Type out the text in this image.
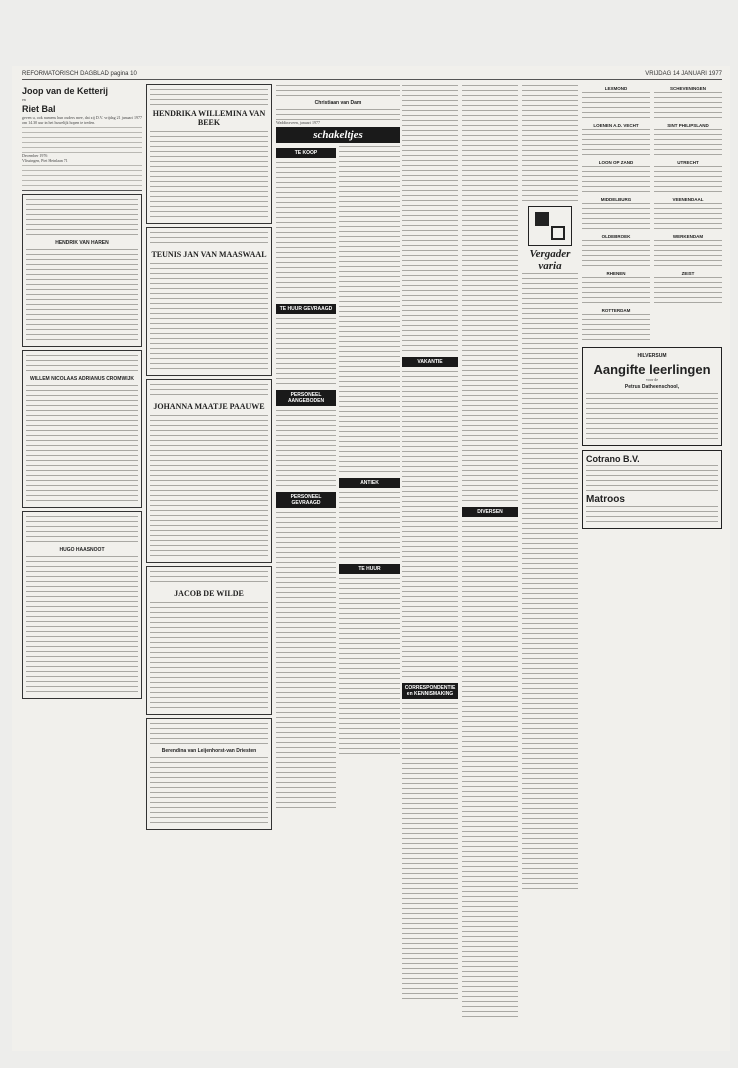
REFORMATORISCH DAGBLAD pagina 10	VRIJDAG 14 JANUARI 1977
Joop van de Ketterij
en
Riet Bal
geven u, ook namens hun ouders mee, dat zij D.V. vrijdag 21 januari 1977 om 14.30 uur in het huwelijk hopen te treden.
December 1976
Vlissingen, Piet Heinlaan 71
HENDRIK VAN HAREN
WILLEM NICOLAAS ADRIANUS CROMWIJK
HUGO HAASNOOT
HENDRIKA WILLEMINA VAN BEEK
TEUNIS JAN VAN MAASWAAL
JOHANNA MAATJE PAAUWE
JACOB DE WILDE
Berendina van Leijenhorst-van Driesten
Christiaan van Dam
Waddinxveen, januari 1977
schakeltjes
TE KOOP
TE HUUR GEVRAAGD
PERSONEEL AANGEBODEN
PERSONEEL GEVRAAGD
ANTIEK
TE HUUR
VAKANTIE
CORRESPONDENTIE en KENNISMAKING
DIVERSEN
Vergader varia
LEXMOND
LOENEN A.D. VECHT
LOON OP ZAND
MIDDELBURG
OLDEBROEK
RHENEN
ROTTERDAM
SCHEVENINGEN
SINT PHILIPSLAND
UTRECHT
VEENENDAAL
WERKENDAM
ZEIST
HILVERSUM
Aangifte leerlingen
voor de
Petrus Datheenschool,
Cotrano B.V.
Matroos
